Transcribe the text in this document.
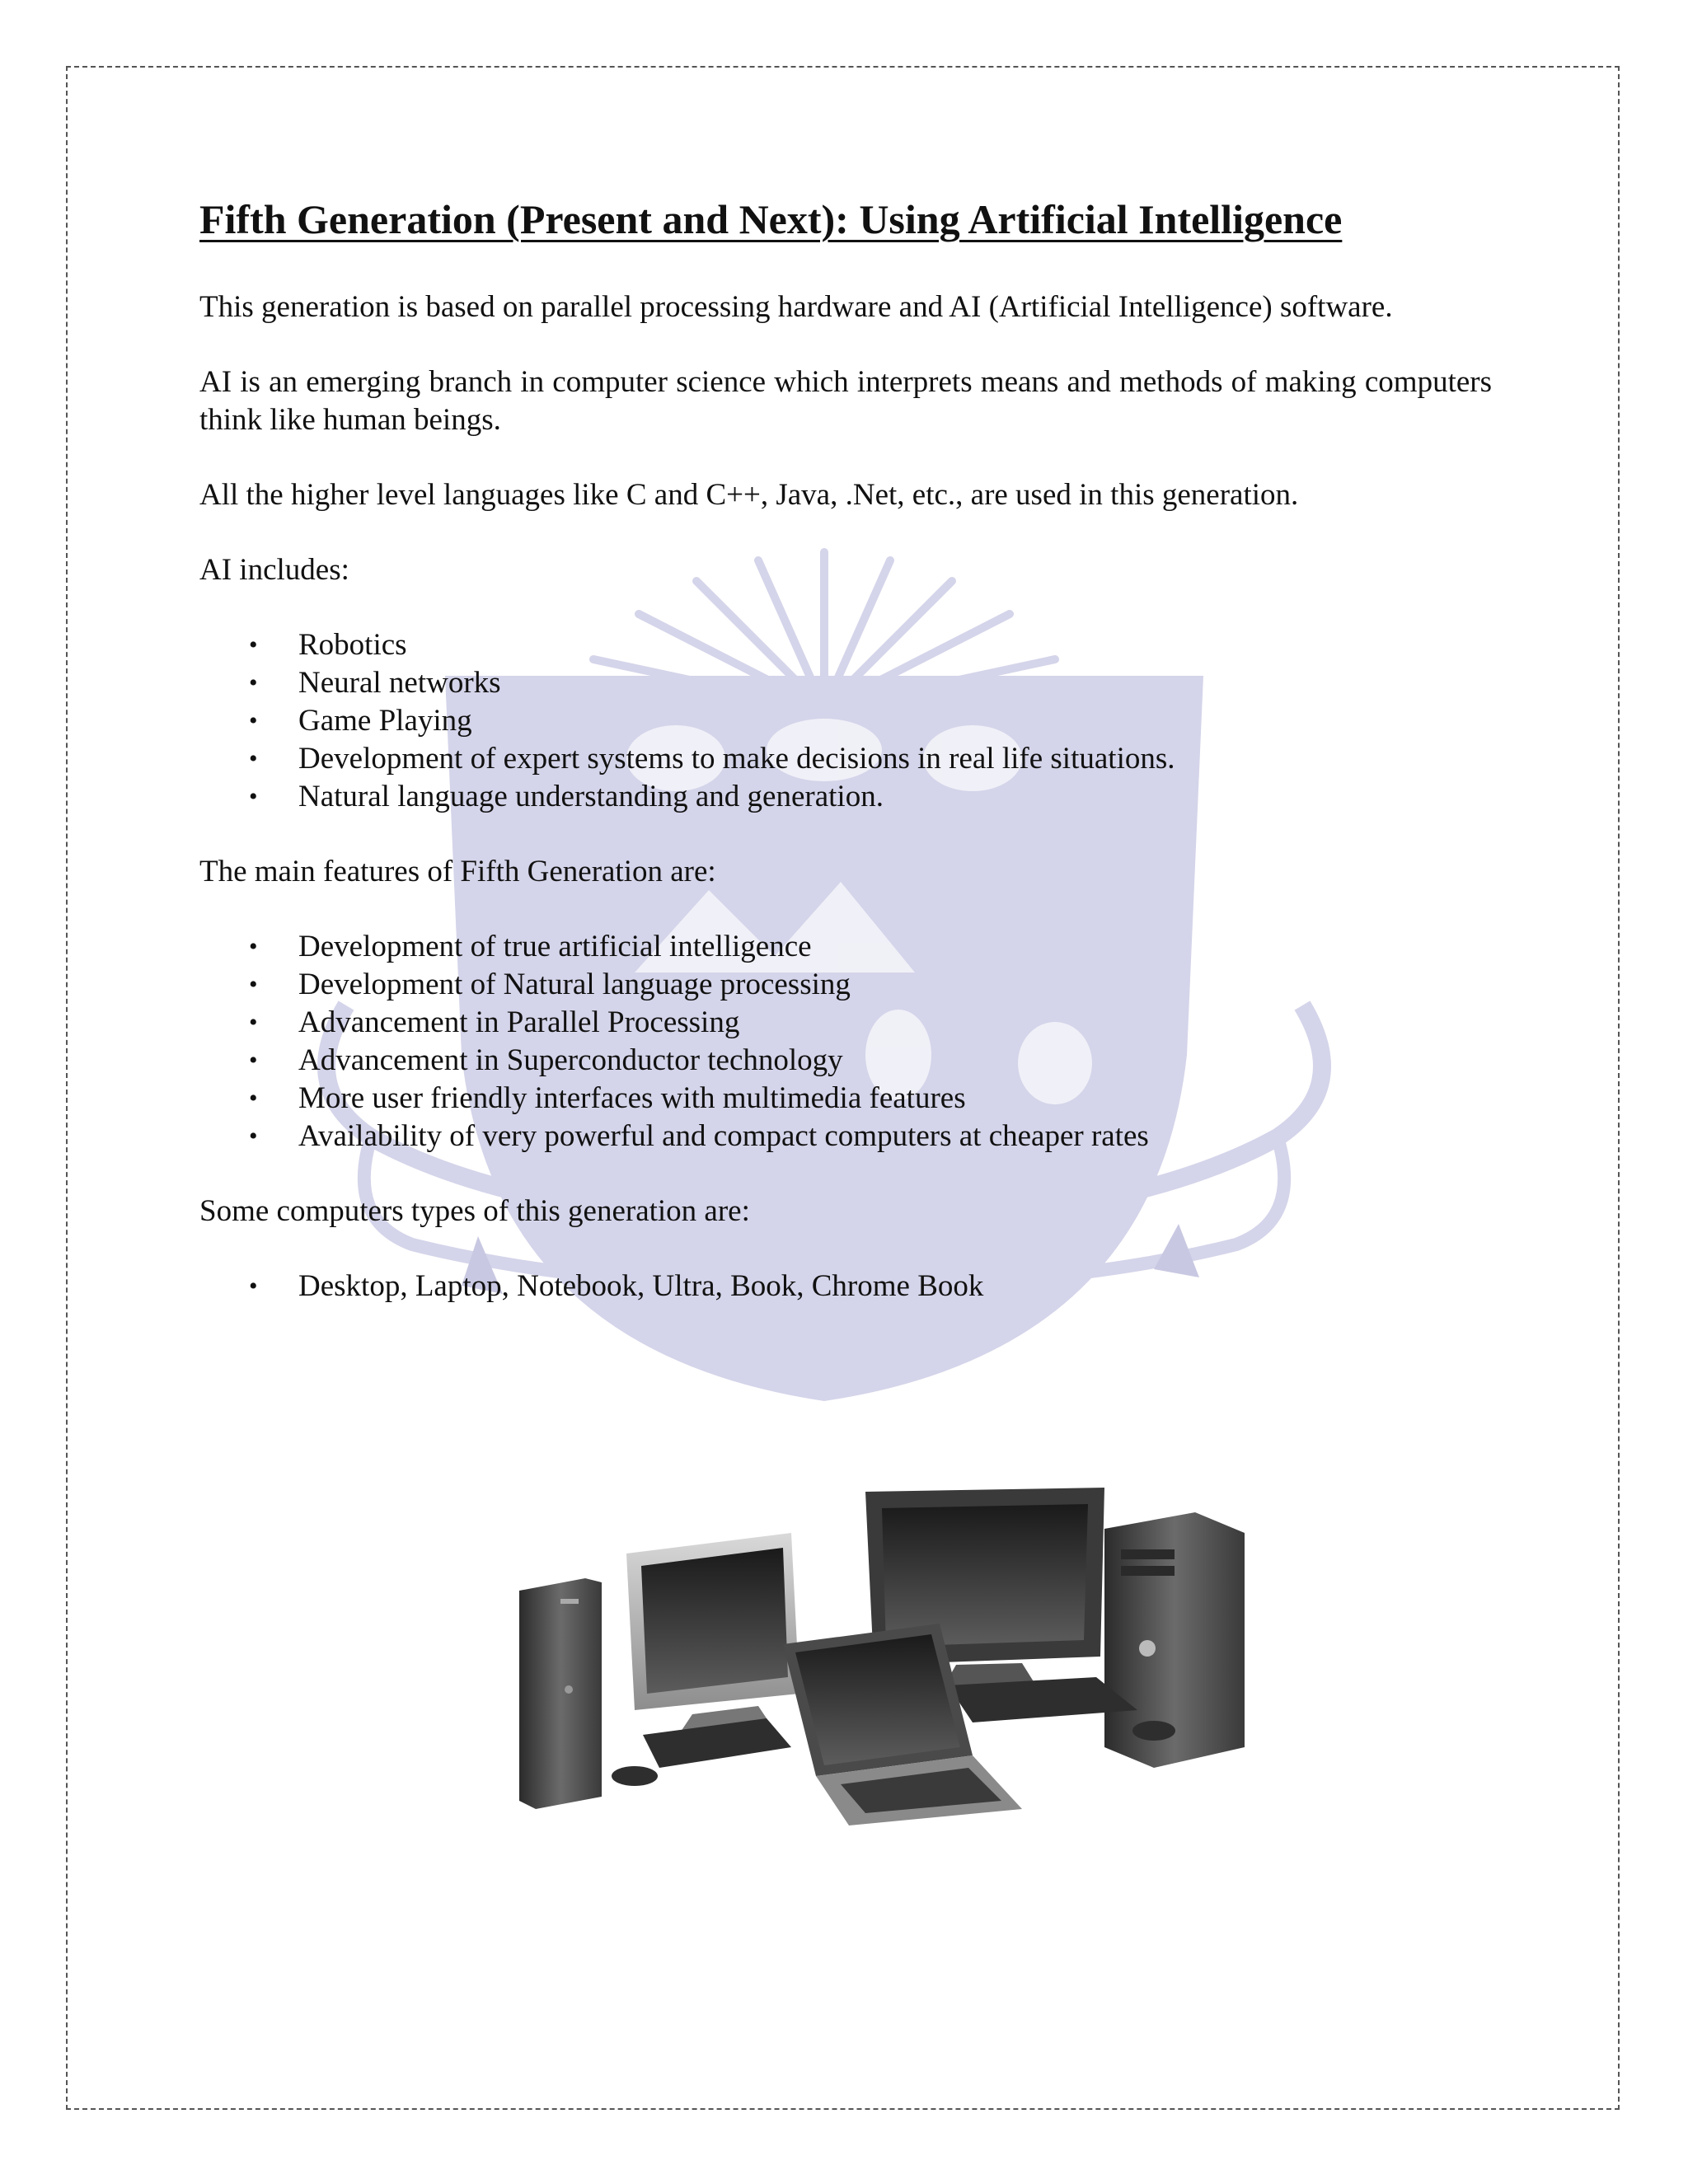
Fifth Generation (Present and Next): Using Artificial Intelligence

This generation is based on parallel processing hardware and AI (Artificial Intelligence) software.

AI is an emerging branch in computer science which interprets means and methods of making computers think like human beings.

All the higher level languages like C and C++, Java, .Net, etc., are used in this generation.

AI includes:

• Robotics
• Neural networks
• Game Playing
• Development of expert systems to make decisions in real life situations.
• Natural language understanding and generation.

The main features of Fifth Generation are:

• Development of true artificial intelligence
• Development of Natural language processing
• Advancement in Parallel Processing
• Advancement in Superconductor technology
• More user friendly interfaces with multimedia features
• Availability of very powerful and compact computers at cheaper rates

Some computers types of this generation are:

• Desktop, Laptop, Notebook, Ultra, Book, Chrome Book
